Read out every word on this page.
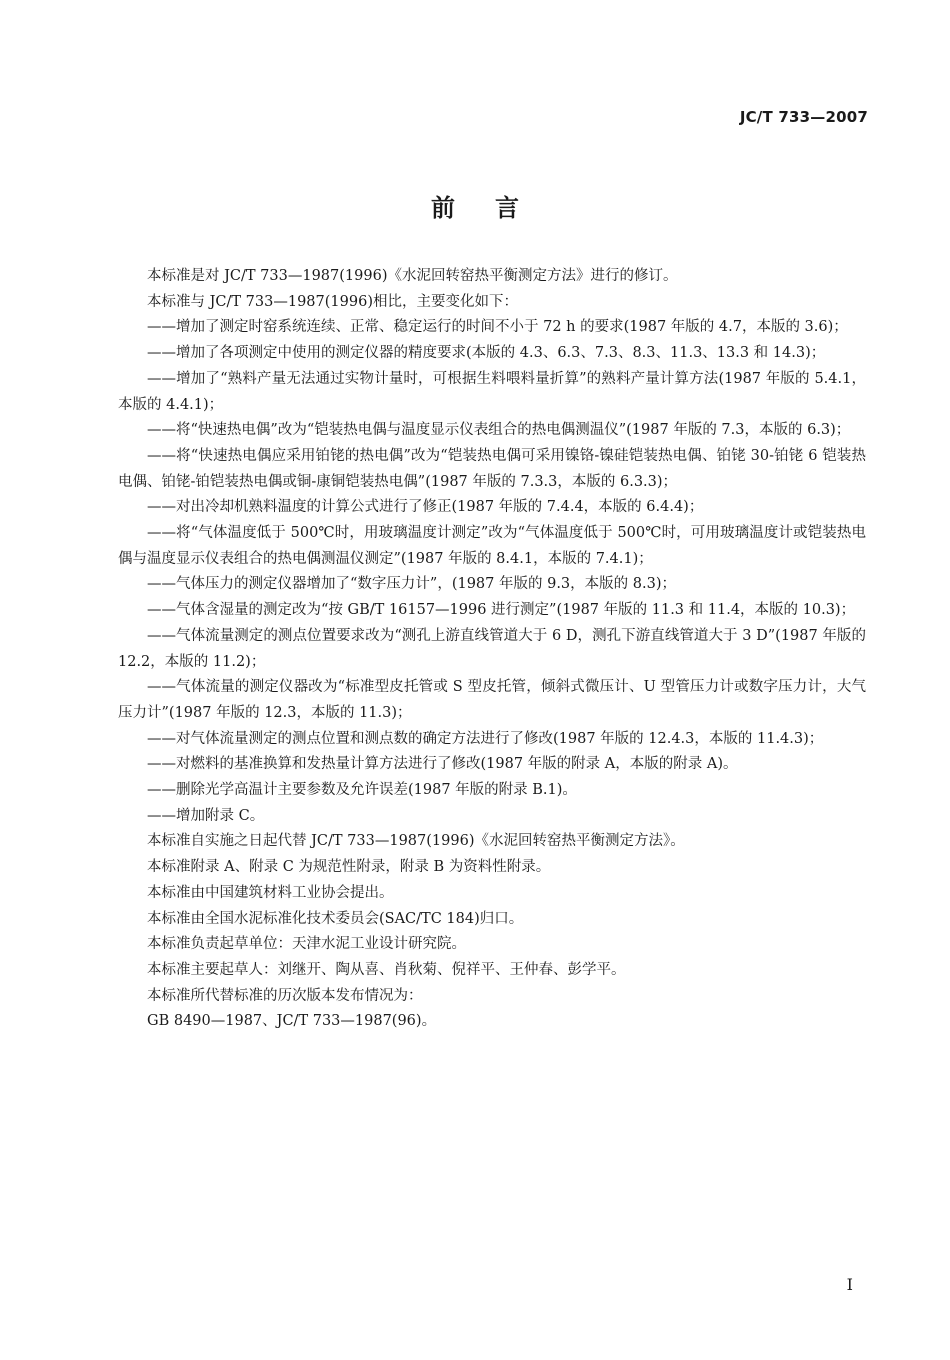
JC/T 733—2007
前言

本标准是对 JC/T 733—1987(1996)《水泥回转窑热平衡测定方法》进行的修订。

本标准与 JC/T 733—1987(1996)相比，主要变化如下：

——增加了测定时窑系统连续、正常、稳定运行的时间不小于 72 h 的要求(1987 年版的 4.7，本版的 3.6)；

——增加了各项测定中使用的测定仪器的精度要求(本版的 4.3、6.3、7.3、8.3、11.3、13.3 和 14.3)；

——增加了“熟料产量无法通过实物计量时，可根据生料喂料量折算”的熟料产量计算方法(1987 年版的 5.4.1，本版的 4.4.1)；

——将“快速热电偶”改为“铠装热电偶与温度显示仪表组合的热电偶测温仪”(1987 年版的 7.3，本版的 6.3)；

——将“快速热电偶应采用铂铑的热电偶”改为“铠装热电偶可采用镍铬-镍硅铠装热电偶、铂铑 30-铂铑 6 铠装热电偶、铂铑-铂铠装热电偶或铜-康铜铠装热电偶”(1987 年版的 7.3.3，本版的 6.3.3)；

——对出冷却机熟料温度的计算公式进行了修正(1987 年版的 7.4.4，本版的 6.4.4)；

——将“气体温度低于 500℃时，用玻璃温度计测定”改为“气体温度低于 500℃时，可用玻璃温度计或铠装热电偶与温度显示仪表组合的热电偶测温仪测定”(1987 年版的 8.4.1，本版的 7.4.1)；

——气体压力的测定仪器增加了“数字压力计”，(1987 年版的 9.3，本版的 8.3)；

——气体含湿量的测定改为“按 GB/T 16157—1996 进行测定”(1987 年版的 11.3 和 11.4，本版的 10.3)；

——气体流量测定的测点位置要求改为“测孔上游直线管道大于 6 D，测孔下游直线管道大于 3 D”(1987 年版的 12.2，本版的 11.2)；

——气体流量的测定仪器改为“标准型皮托管或 S 型皮托管，倾斜式微压计、U 型管压力计或数字压力计，大气压力计”(1987 年版的 12.3，本版的 11.3)；

——对气体流量测定的测点位置和测点数的确定方法进行了修改(1987 年版的 12.4.3，本版的 11.4.3)；

——对燃料的基准换算和发热量计算方法进行了修改(1987 年版的附录 A，本版的附录 A)。

——删除光学高温计主要参数及允许误差(1987 年版的附录 B.1)。

——增加附录 C。

本标准自实施之日起代替 JC/T 733—1987(1996)《水泥回转窑热平衡测定方法》。

本标准附录 A、附录 C 为规范性附录，附录 B 为资料性附录。

本标准由中国建筑材料工业协会提出。

本标准由全国水泥标准化技术委员会(SAC/TC 184)归口。

本标准负责起草单位：天津水泥工业设计研究院。

本标准主要起草人：刘继开、陶从喜、肖秋菊、倪祥平、王仲春、彭学平。

本标准所代替标准的历次版本发布情况为：

GB 8490—1987、JC/T 733—1987(96)。

I
